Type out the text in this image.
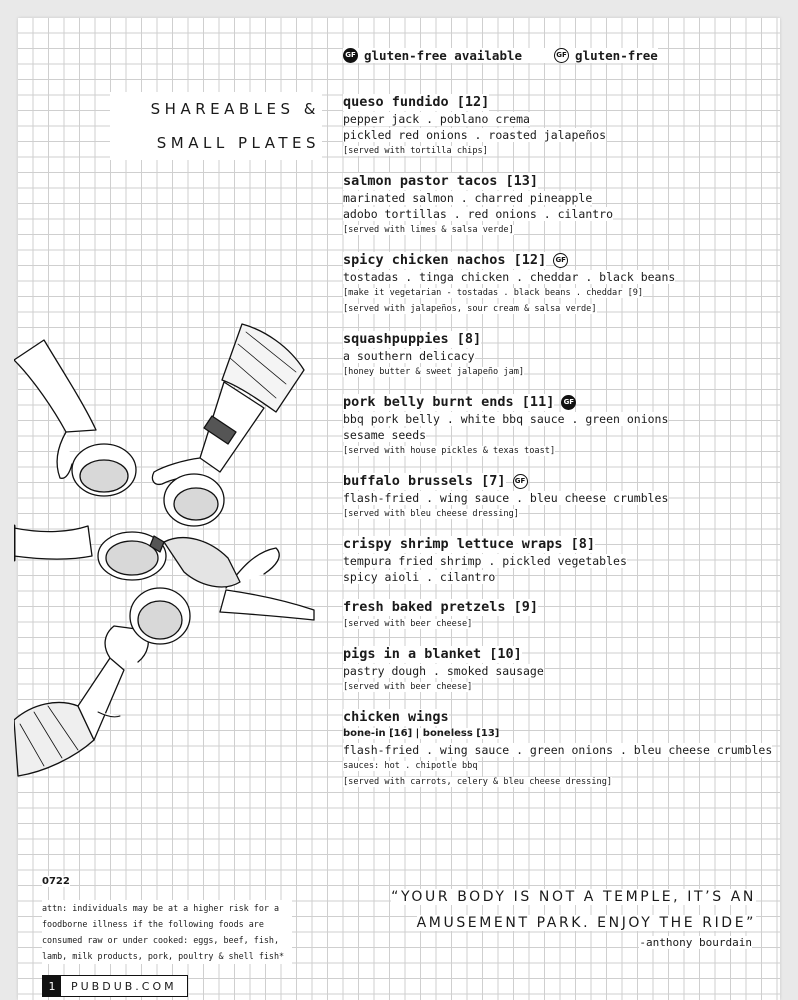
GF gluten-free available	GF gluten-free
SHAREABLES &
SMALL PLATES
queso fundido [12]
pepper jack . poblano crema
pickled red onions . roasted jalapeños
[served with tortilla chips]
salmon pastor tacos [13]
marinated salmon . charred pineapple
adobo tortillas . red onions . cilantro
[served with limes & salsa verde]
spicy chicken nachos [12]	GF
tostadas . tinga chicken . cheddar . black beans
[make it vegetarian - tostadas . black beans . cheddar [9]
[served with jalapeños, sour cream & salsa verde]
squashpuppies [8]
a southern delicacy
[honey butter & sweet jalapeño jam]
pork belly burnt ends [11]	GF
bbq pork belly . white bbq sauce . green onions
sesame seeds
[served with house pickles & texas toast]
buffalo brussels [7]	GF
flash-fried . wing sauce . bleu cheese crumbles
[served with bleu cheese dressing]
crispy shrimp lettuce wraps [8]
tempura fried shrimp . pickled vegetables
spicy aioli . cilantro
fresh baked pretzels [9]
[served with beer cheese]
pigs in a blanket [10]
pastry dough . smoked sausage
[served with beer cheese]
chicken wings
bone-in [16] | boneless [13]
flash-fried . wing sauce . green onions . bleu cheese crumbles
sauces: hot . chipotle bbq
[served with carrots, celery & bleu cheese dressing]
0722
attn: individuals may be at a higher risk for a foodborne illness if the following foods are consumed raw or under cooked: eggs, beef, fish, lamb, milk products, pork, poultry & shell fish*
1	PUBDUB.COM
“YOUR BODY IS NOT A TEMPLE, IT’S AN
AMUSEMENT PARK. ENJOY THE RIDE”
-anthony bourdain
